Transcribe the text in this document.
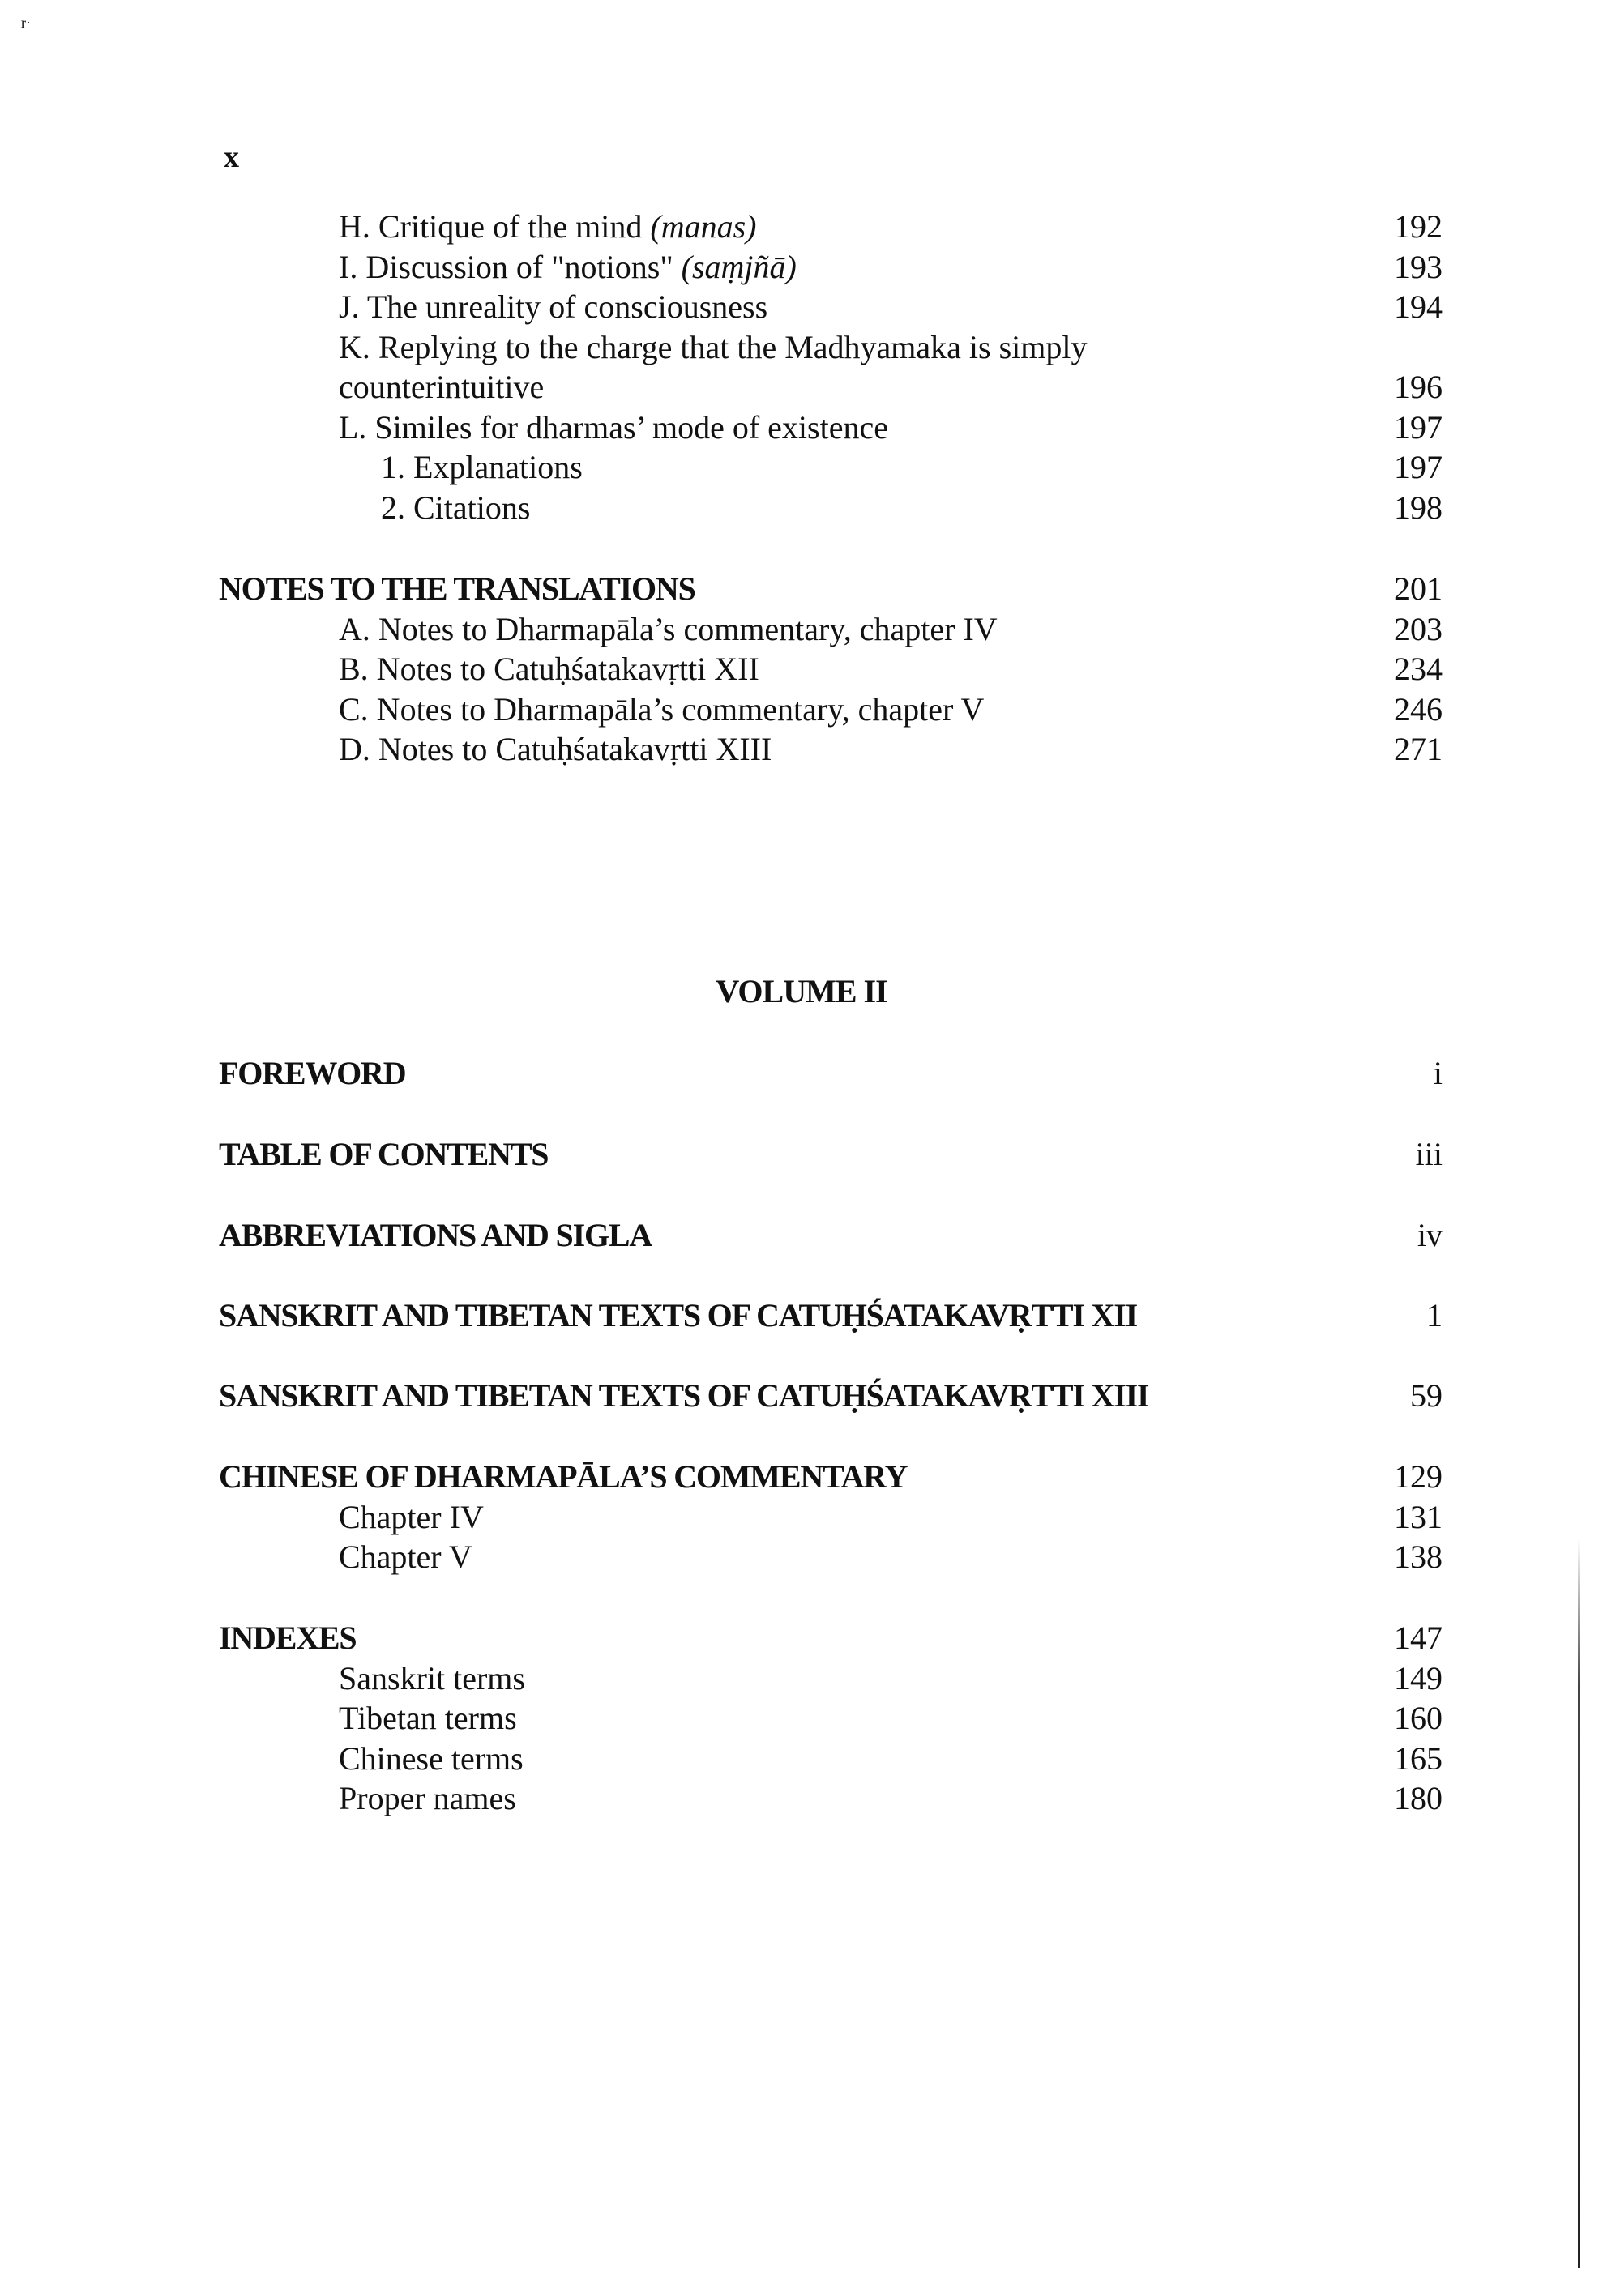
r·
x
H. Critique of the mind (manas)	192
I. Discussion of "notions" (saṃjñā)	193
J. The unreality of consciousness	194
K. Replying to the charge that the Madhyamaka is simply
counterintuitive	196
L. Similes for dharmas’ mode of existence	197
1. Explanations	197
2. Citations	198
NOTES TO THE TRANSLATIONS	201
A. Notes to Dharmapāla’s commentary, chapter IV	203
B. Notes to Catuḥśatakavṛtti XII	234
C. Notes to Dharmapāla’s commentary, chapter V	246
D. Notes to Catuḥśatakavṛtti XIII	271
VOLUME II
FOREWORD	i
TABLE OF CONTENTS	iii
ABBREVIATIONS AND SIGLA	iv
SANSKRIT AND TIBETAN TEXTS OF CATUḤŚATAKAVṚTTI XII	1
SANSKRIT AND TIBETAN TEXTS OF CATUḤŚATAKAVṚTTI XIII	59
CHINESE OF DHARMAPĀLA’S COMMENTARY	129
Chapter IV	131
Chapter V	138
INDEXES	147
Sanskrit terms	149
Tibetan terms	160
Chinese terms	165
Proper names	180
